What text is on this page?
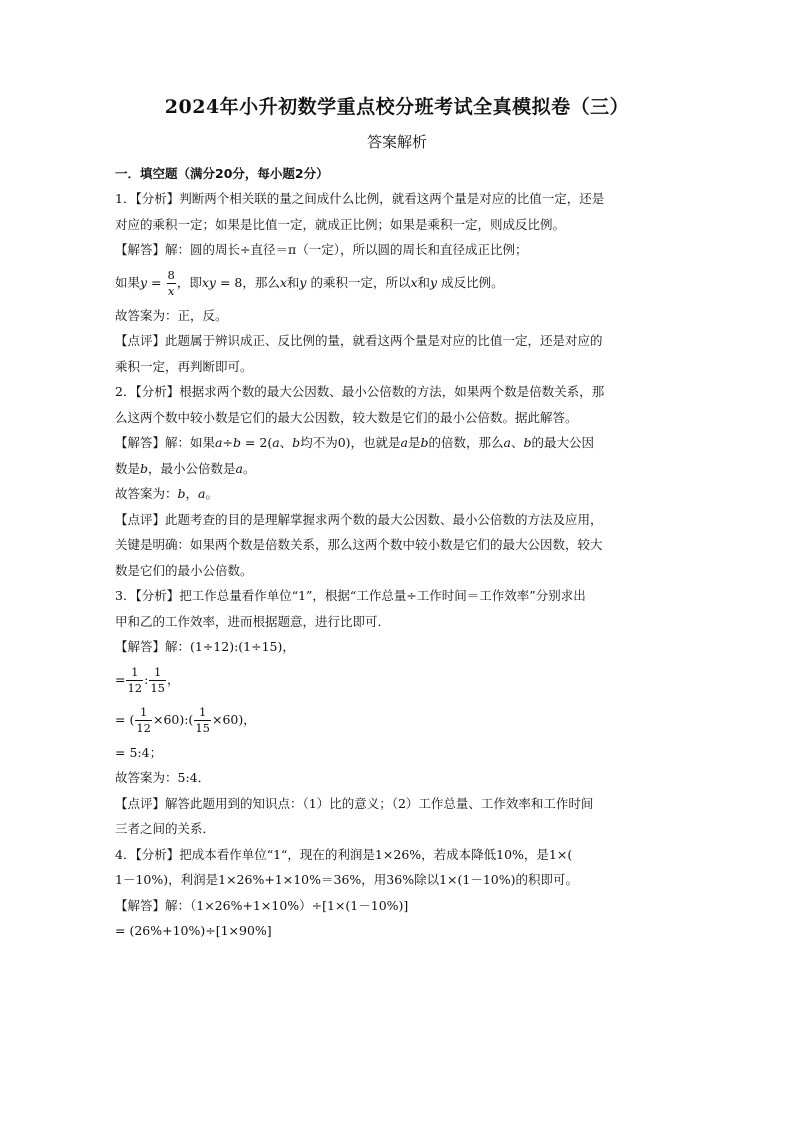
2024年小升初数学重点校分班考试全真模拟卷（三）
答案解析
一．填空题（满分20分，每小题2分）
1．【分析】判断两个相关联的量之间成什么比例，就看这两个量是对应的比值一定，还是
对应的乘积一定；如果是比值一定，就成正比例；如果是乘积一定，则成反比例。
【解答】解：圆的周长÷直径＝π（一定），所以圆的周长和直径成正比例；
如果$y = \frac{8}{x}$ ，即xy = 8，那么x和y 的乘积一定，所以x和y 成反比例。
故答案为：正，反。
【点评】此题属于辨识成正、反比例的量，就看这两个量是对应的比值一定，还是对应的
乘积一定，再判断即可。
2．【分析】根据求两个数的最大公因数、最小公倍数的方法，如果两个数是倍数关系，那
么这两个数中较小数是它们的最大公因数，较大数是它们的最小公倍数。据此解答。
【解答】解：如果a÷b = 2(a、b均不为0)，也就是a是b的倍数，那么a、b的最大公因
数是b，最小公倍数是a。
故答案为：b，a。
【点评】此题考查的目的是理解掌握求两个数的最大公因数、最小公倍数的方法及应用，
关键是明确：如果两个数是倍数关系，那么这两个数中较小数是它们的最大公因数，较大
数是它们的最小公倍数。
3．【分析】把工作总量看作单位“1”，根据“工作总量÷工作时间＝工作效率”分别求出
甲和乙的工作效率，进而根据题意，进行比即可．
【解答】解：(1÷12):(1÷15)，
= $\frac{1}{12}$ : $\frac{1}{15}$ ，
= ( $\frac{1}{12}$ ×60):( $\frac{1}{15} \times 60$)，
= 5:4；
故答案为：5:4．
【点评】解答此题用到的知识点：（1）比的意义；（2）工作总量、工作效率和工作时间
三者之间的关系．
4．【分析】把成本看作单位“1“，现在的利润是1×26%，若成本降低10%，是1×(
1－10%)，利润是1×26%+1×10%＝36%，用36%除以1×(1－10%)的积即可。
【解答】解：（1×26%+1×10%）÷[1×(1－10%)]
= (26%+10%)÷[1×90%]
